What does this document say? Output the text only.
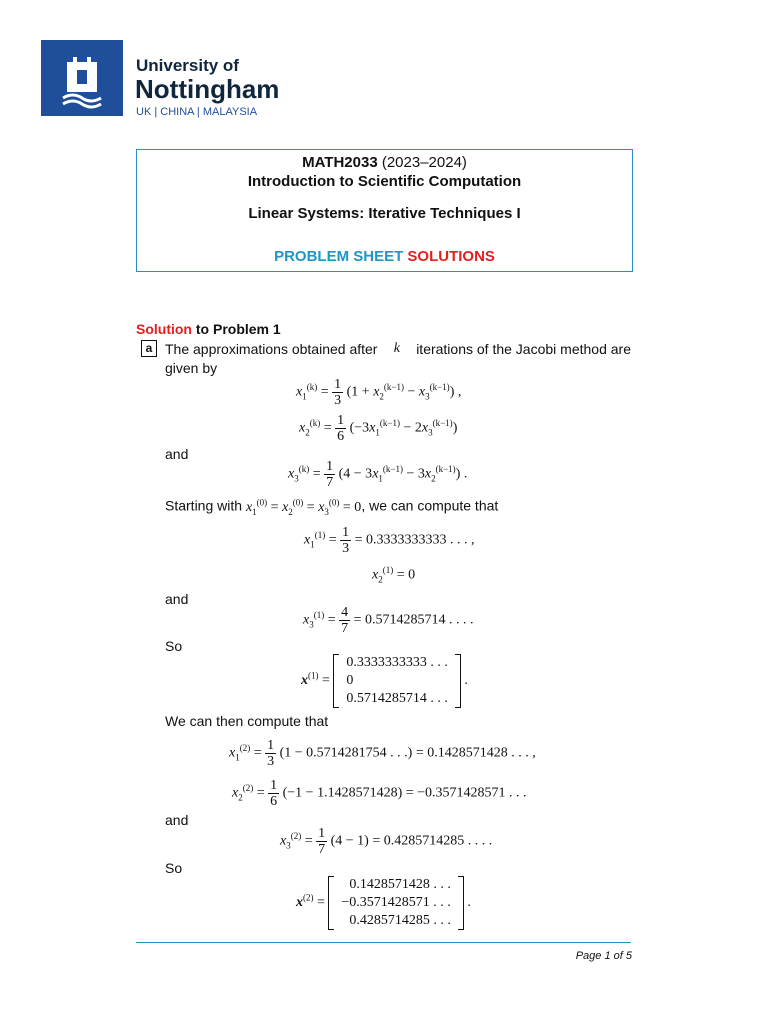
University of
Nottingham
UK | CHINA | MALAYSIA
MATH2033 (2023–2024)
Introduction to Scientific Computation
Linear Systems: Iterative Techniques I
PROBLEM SHEET SOLUTIONS
Solution to Problem 1
a The approximations obtained after k iterations of the Jacobi method are
given by
$x_1^{(k)} = \frac{1}{3} (1 + x_2^{(k-1)} - x_3^{(k-1)})$ ,
$x_2^{(k)} = \frac{1}{6} (-3x_1^{(k-1)} - 2x_3^{(k-1)})$
and
$x_3^{(k)} = \frac{1}{7} (4 - 3x_1^{(k-1)} - 3x_2^{(k-1)})$ .
Starting with $x_1^{(0)} = x_2^{(0)} = x_3^{(0)} = 0$, we can compute that
$x_1^{(1)} = \frac{1}{3} = 0.3333333333$ . . . ,
$x_2^{(1)} = 0$
and
$x_3^{(1)} = \frac{4}{7} = 0.5714285714$ . . . .
So
$x^{(1)}$ =
0.3333333333 . . .
0
0.5714285714 . . .
.
We can then compute that
$x_1^{(2)} = \frac{1}{3} (1 - 0.5714281754$ . . .) = 0.1428571428 . . . ,
$x_2^{(2)} = \frac{1}{6} (-1 - 1.1428571428) = -0.3571428571$ . . .
and
$x_3^{(2)} = \frac{1}{7} (4 - 1) = 0.4285714285$ . . . .
So
$x^{(2)}$ =
0.1428571428 . . .
−0.3571428571 . . .
0.4285714285 . . .
.
Page 1 of 5
